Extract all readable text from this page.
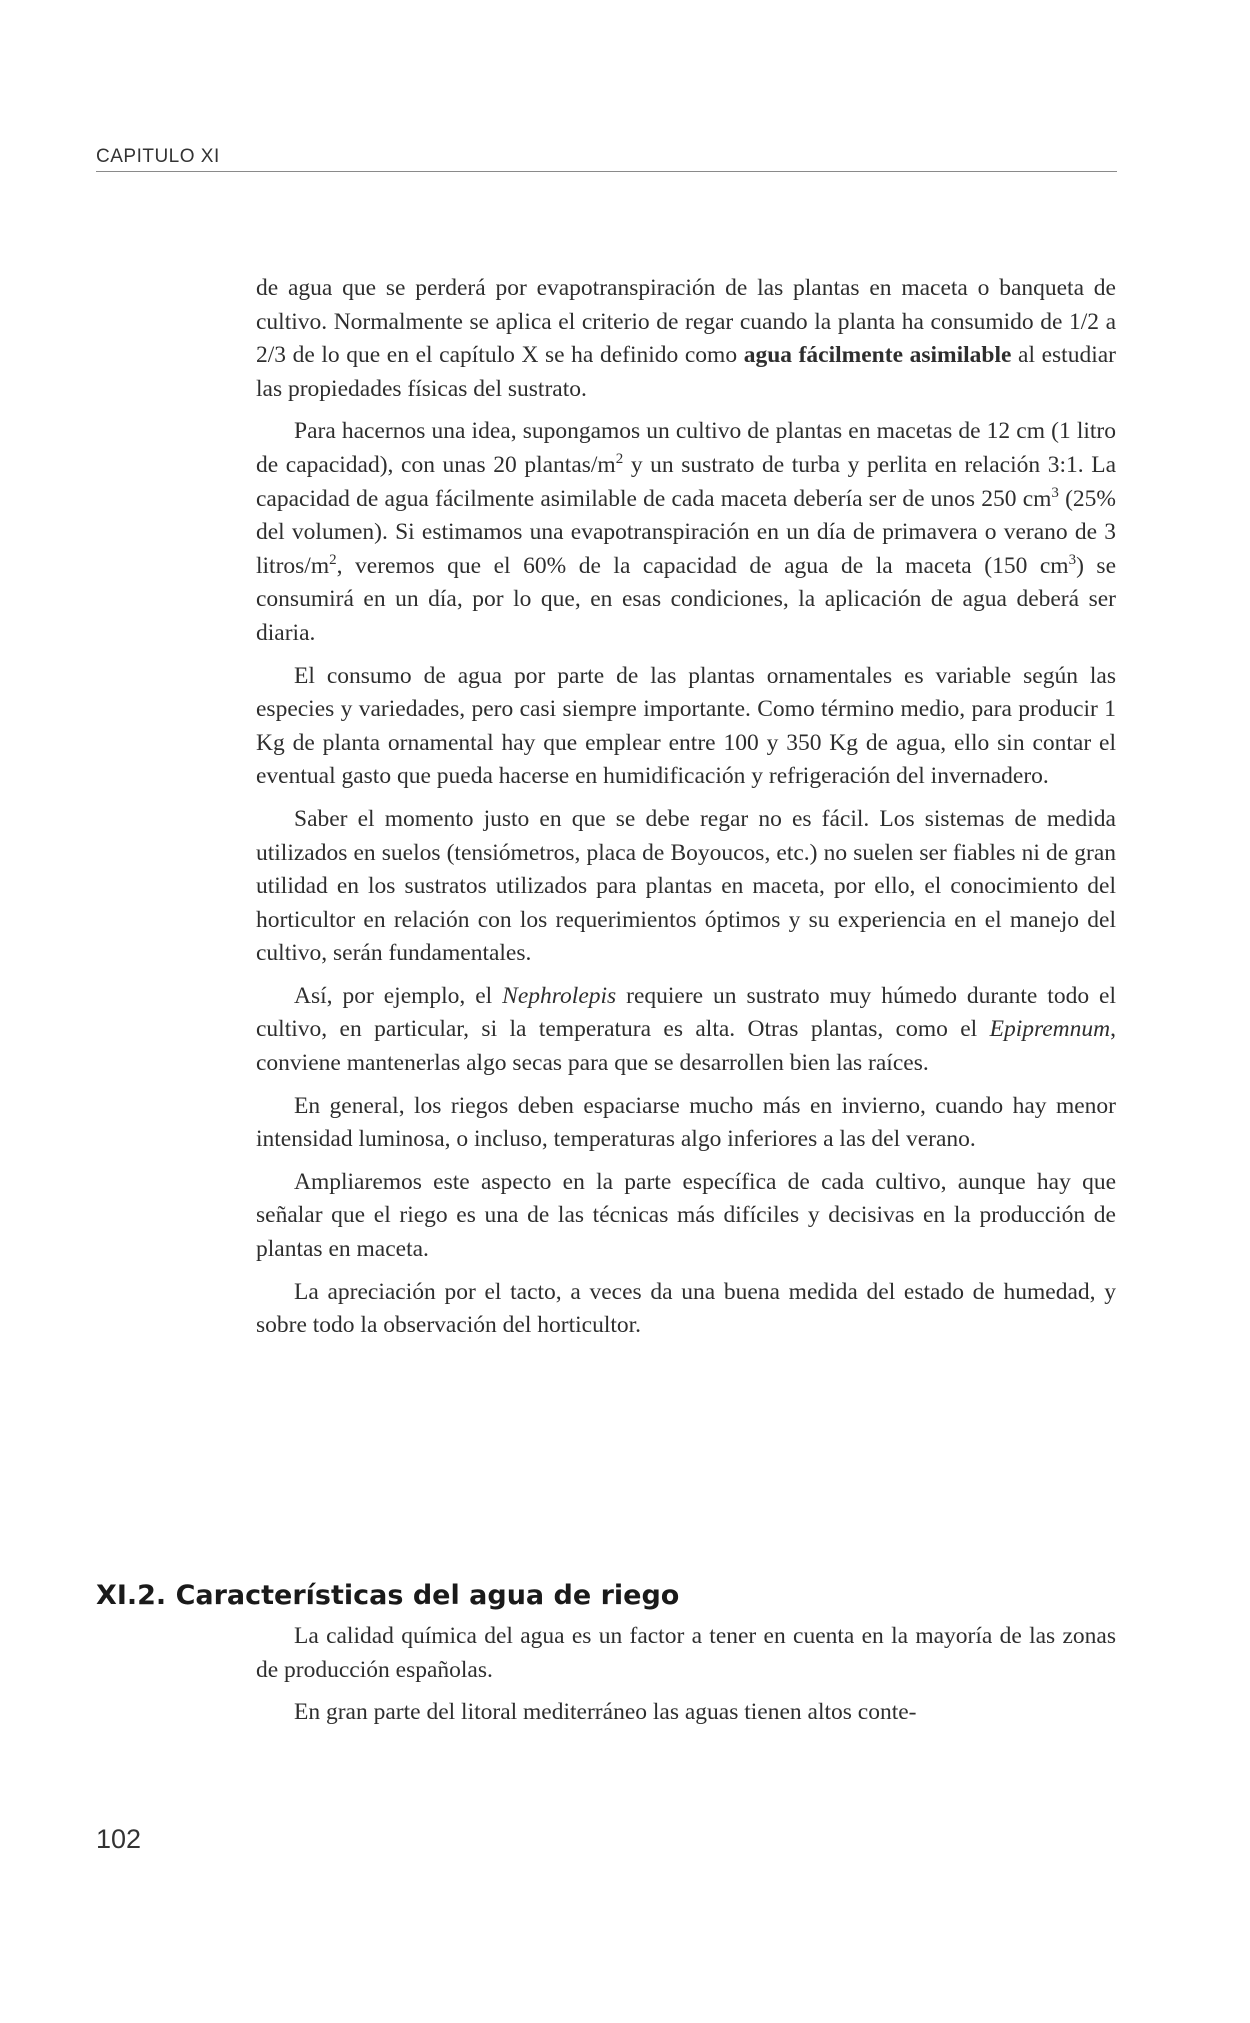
CAPITULO XI

de agua que se perderá por evapotranspiración de las plantas en maceta o banqueta de cultivo. Normalmente se aplica el criterio de regar cuando la planta ha consumido de 1/2 a 2/3 de lo que en el capítulo X se ha definido como agua fácilmente asimilable al estudiar las propiedades físicas del sustrato.

Para hacernos una idea, supongamos un cultivo de plantas en macetas de 12 cm (1 litro de capacidad), con unas 20 plantas/$m^2$ y un sustrato de turba y perlita en relación 3:1. La capacidad de agua fácilmente asimilable de cada maceta debería ser de unos 250 $cm^3$ (25% del volumen). Si estimamos una evapotranspiración en un día de primavera o verano de 3 litros/$m^2$, veremos que el 60% de la capacidad de agua de la maceta (150 $cm^3$) se consumirá en un día, por lo que, en esas condiciones, la aplicación de agua deberá ser diaria.

El consumo de agua por parte de las plantas ornamentales es variable según las especies y variedades, pero casi siempre importante. Como término medio, para producir 1 Kg de planta ornamental hay que emplear entre 100 y 350 Kg de agua, ello sin contar el eventual gasto que pueda hacerse en humidificación y refrigeración del invernadero.

Saber el momento justo en que se debe regar no es fácil. Los sistemas de medida utilizados en suelos (tensiómetros, placa de Boyoucos, etc.) no suelen ser fiables ni de gran utilidad en los sustratos utilizados para plantas en maceta, por ello, el conocimiento del horticultor en relación con los requerimientos óptimos y su experiencia en el manejo del cultivo, serán fundamentales.

Así, por ejemplo, el Nephrolepis requiere un sustrato muy húmedo durante todo el cultivo, en particular, si la temperatura es alta. Otras plantas, como el Epipremnum, conviene mantenerlas algo secas para que se desarrollen bien las raíces.

En general, los riegos deben espaciarse mucho más en invierno, cuando hay menor intensidad luminosa, o incluso, temperaturas algo inferiores a las del verano.

Ampliaremos este aspecto en la parte específica de cada cultivo, aunque hay que señalar que el riego es una de las técnicas más difíciles y decisivas en la producción de plantas en maceta.

La apreciación por el tacto, a veces da una buena medida del estado de humedad, y sobre todo la observación del horticultor.

XI.2. Características del agua de riego

La calidad química del agua es un factor a tener en cuenta en la mayoría de las zonas de producción españolas.

En gran parte del litoral mediterráneo las aguas tienen altos conte-

102
